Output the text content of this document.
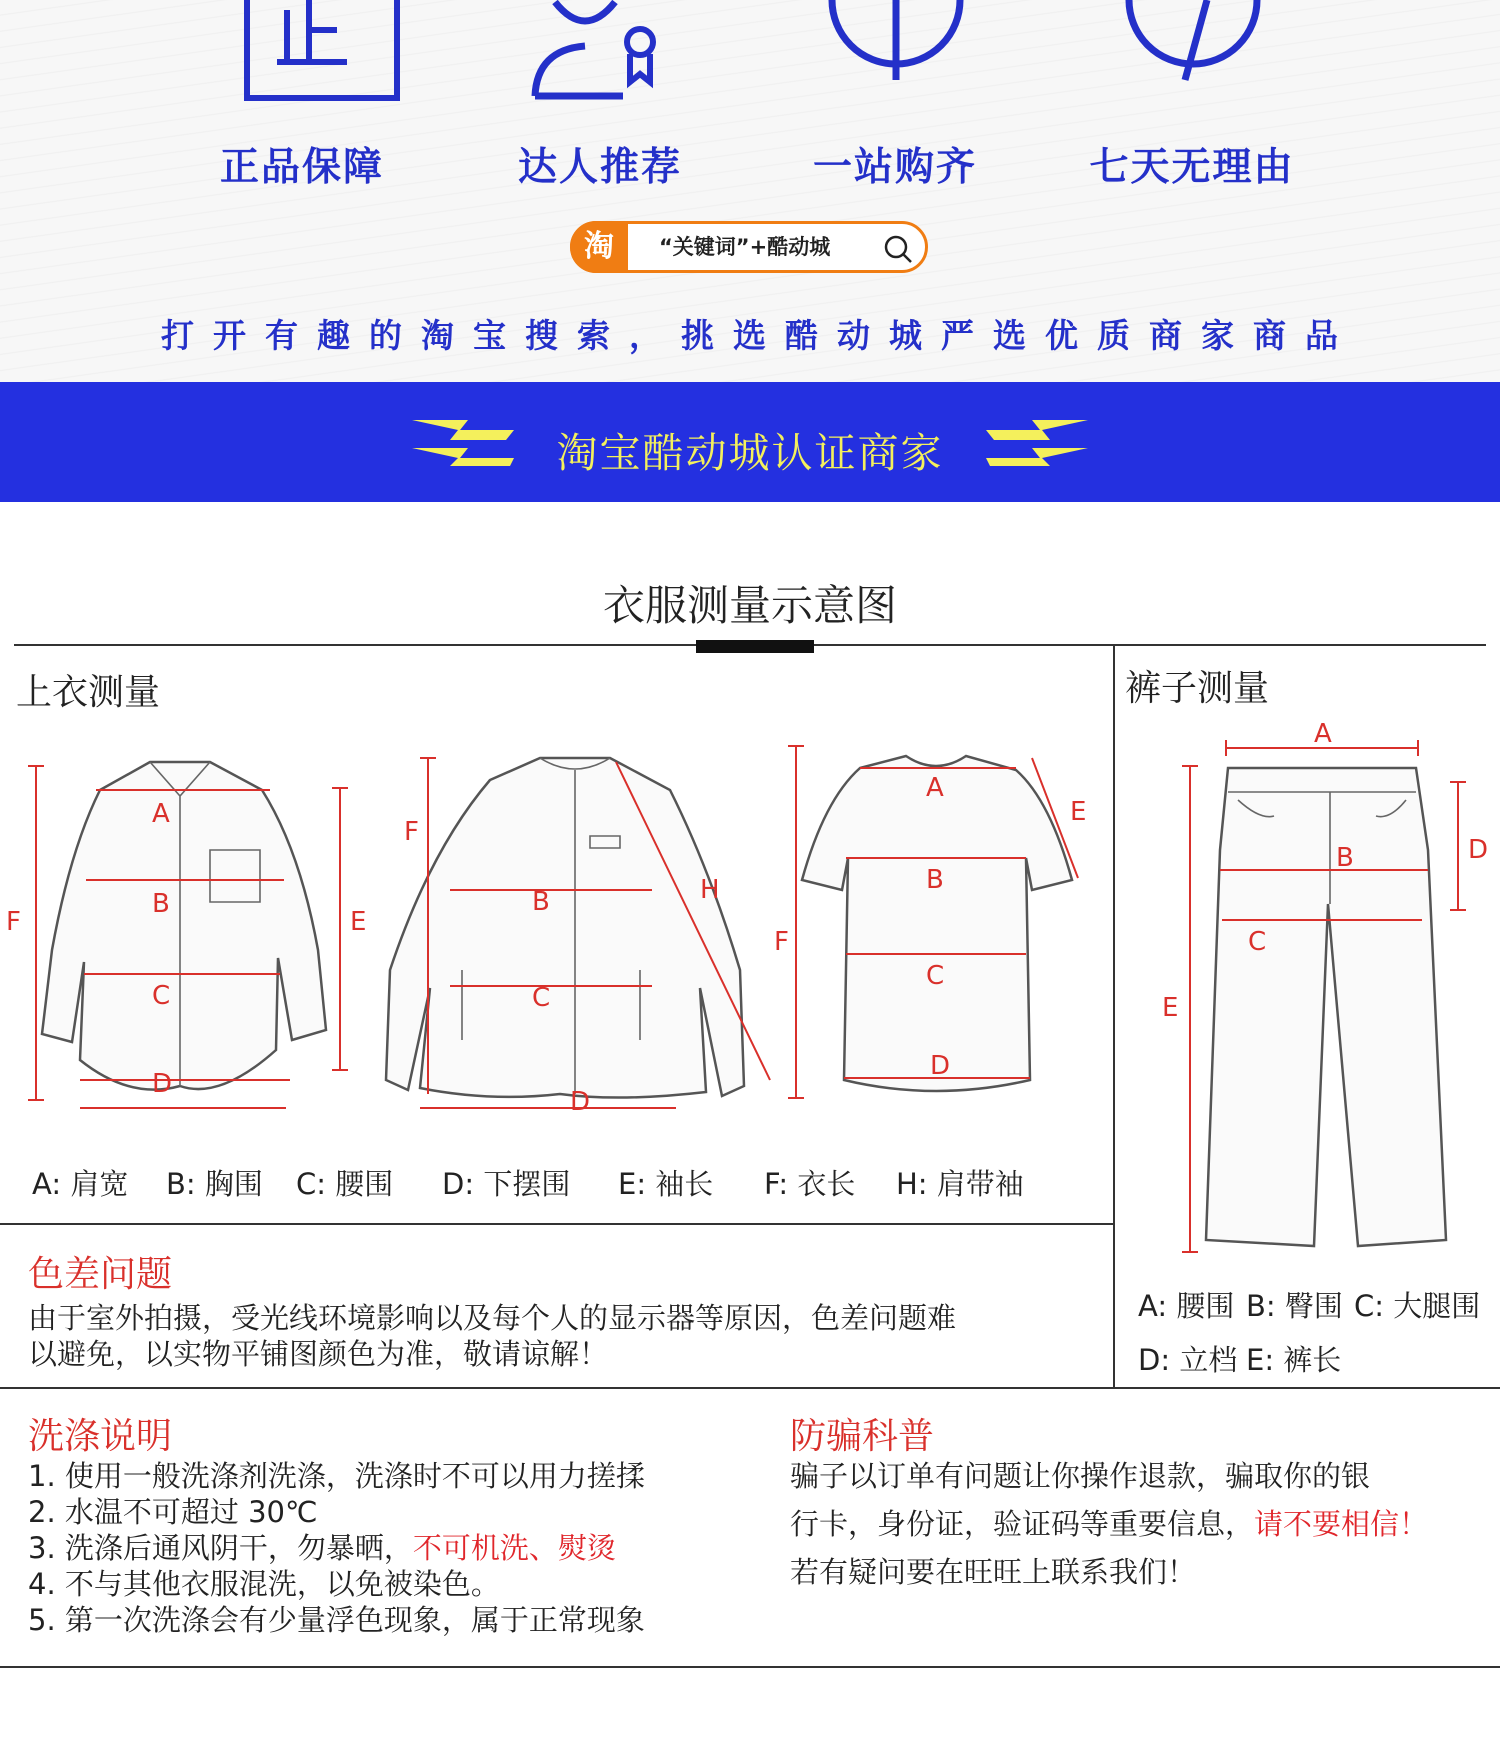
正品保障	达人推荐	一站购齐	七天无理由
淘	“关键词”+酷动城
打开有趣的淘宝搜索，挑选酷动城严选优质商家商品
淘宝酷动城认证商家
衣服测量示意图
上衣测量	裤子测量
A
B
C
D
F	E
F
B
C
D
H
A
B
C
D
E
F
A
B
C
D
E
A: 肩宽 B: 胸围 C: 腰围 D: 下摆围 E: 袖长 F: 衣长 H: 肩带袖
A: 腰围 B: 臀围 C: 大腿围
D: 立档 E: 裤长
色差问题
由于室外拍摄，受光线环境影响以及每个人的显示器等原因，色差问题难
以避免，以实物平铺图颜色为准，敬请谅解！
洗涤说明
1. 使用一般洗涤剂洗涤，洗涤时不可以用力搓揉
2. 水温不可超过 30℃
3. 洗涤后通风阴干，勿暴晒，不可机洗、熨烫
4. 不与其他衣服混洗，以免被染色。
5. 第一次洗涤会有少量浮色现象，属于正常现象
防骗科普
骗子以订单有问题让你操作退款，骗取你的银
行卡，身份证，验证码等重要信息，请不要相信！
若有疑问要在旺旺上联系我们！
